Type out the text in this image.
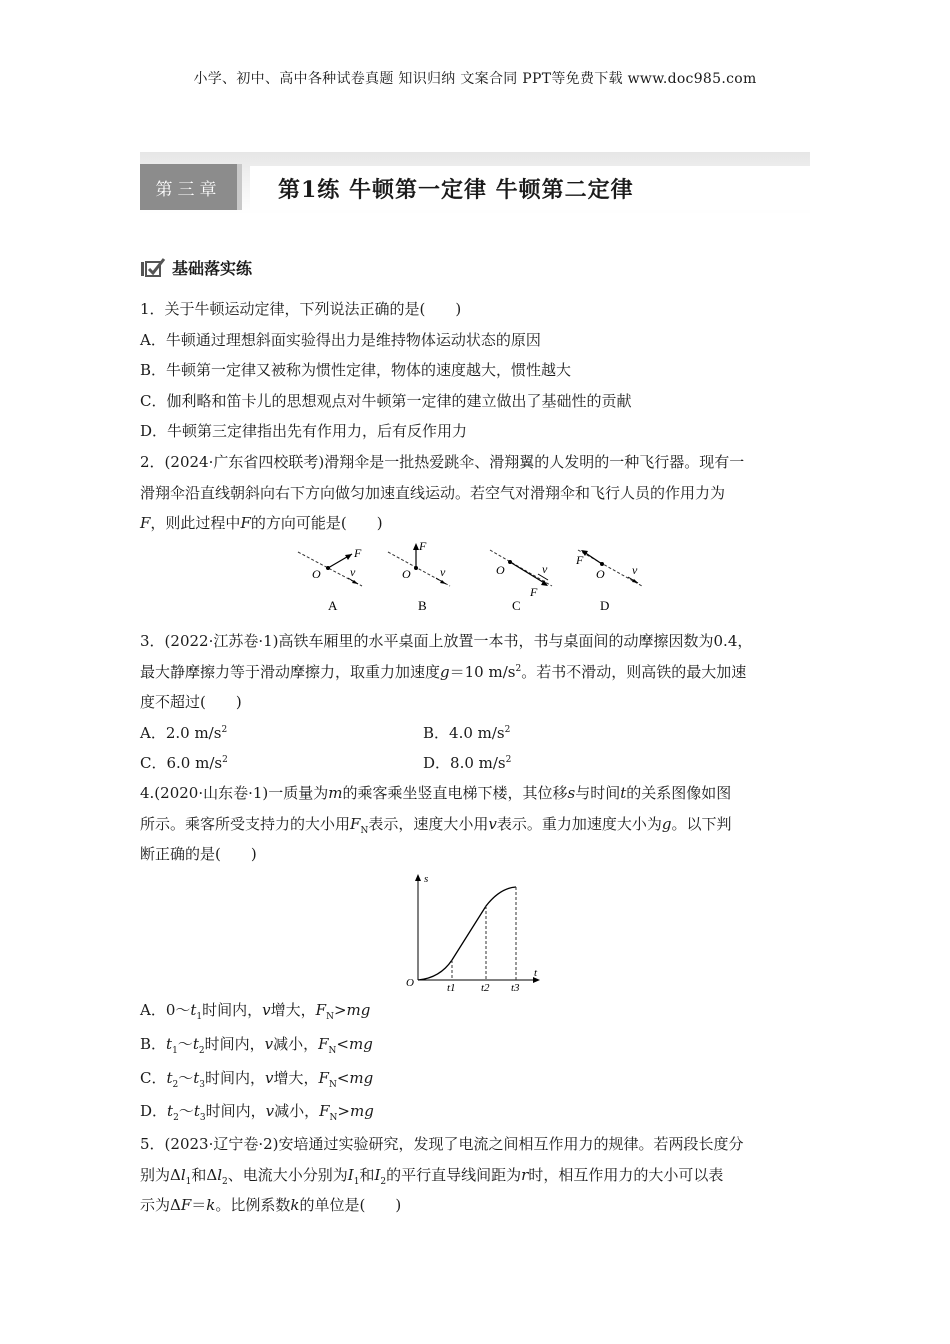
小学、初中、高中各种试卷真题 知识归纳 文案合同 PPT等免费下载 www.doc985.com
第三章	第1练 牛顿第一定律 牛顿第二定律
基础落实练
1．关于牛顿运动定律，下列说法正确的是(　　)
A．牛顿通过理想斜面实验得出力是维持物体运动状态的原因
B．牛顿第一定律又被称为惯性定律，物体的速度越大，惯性越大
C．伽利略和笛卡儿的思想观点对牛顿第一定律的建立做出了基础性的贡献
D．牛顿第三定律指出先有作用力，后有反作用力
2．(2024·广东省四校联考)滑翔伞是一批热爱跳伞、滑翔翼的人发明的一种飞行器。现有一
滑翔伞沿直线朝斜向右下方向做匀加速直线运动。若空气对滑翔伞和飞行人员的作用力为
F，则此过程中F的方向可能是(　　)
F
O v
A
F
O v
B
O	v
F
C
F
O v
D
3．(2022·江苏卷·1)高铁车厢里的水平桌面上放置一本书，书与桌面间的动摩擦因数为0.4，
最大静摩擦力等于滑动摩擦力，取重力加速度g＝10 $m/s^2$。若书不滑动，则高铁的最大加速
度不超过(　　)
A．2.0 $m/s^2$	B．4.0 $m/s^2$
C．6.0 $m/s^2$	D．8.0 $m/s^2$
4.(2020·山东卷·1)一质量为m的乘客乘坐竖直电梯下楼，其位移s与时间t的关系图像如图
所示。乘客所受支持力的大小用$F_N$表示，速度大小用v表示。重力加速度大小为g。以下判
断正确的是(　　)
s
t
O	t1 t2 t3
A．$0\sim t_1$时间内，v增大，$F_N>mg$
B．$t_1\sim t_2$时间内，v减小，$F_N<mg$
C．$t_2\sim t_3$时间内，v增大，$F_N<mg$
D．$t_2\sim t_3$时间内，v减小，$F_N>mg$
5．(2023·辽宁卷·2)安培通过实验研究，发现了电流之间相互作用力的规律。若两段长度分
别为$\Delta l_1$和$\Delta l_2$、电流大小分别为$I_1$和$I_2$的平行直导线间距为r时，相互作用力的大小可以表
示为ΔF＝k。比例系数k的单位是(　　)
